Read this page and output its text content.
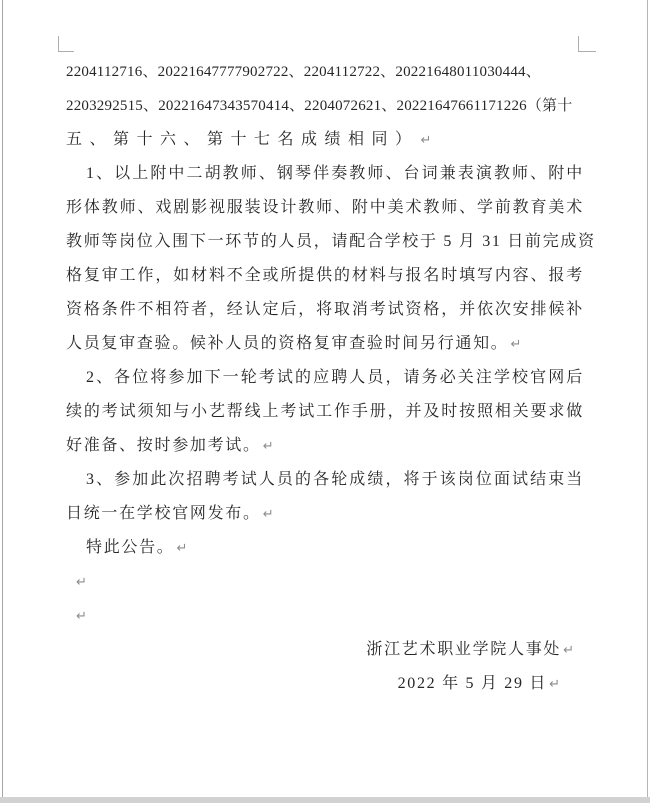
2204112716、20221647777902722、2204112722、20221648011030444、
2203292515、20221647343570414、2204072621、20221647661171226（第十
五、第十六、第十七名成绩相同） ↵
1、以上附中二胡教师、钢琴伴奏教师、台词兼表演教师、附中
形体教师、戏剧影视服装设计教师、附中美术教师、学前教育美术
教师等岗位入围下一环节的人员，请配合学校于 5 月 31 日前完成资
格复审工作，如材料不全或所提供的材料与报名时填写内容、报考
资格条件不相符者，经认定后，将取消考试资格，并依次安排候补
人员复审查验。候补人员的资格复审查验时间另行通知。 ↵
2、各位将参加下一轮考试的应聘人员，请务必关注学校官网后
续的考试须知与小艺帮线上考试工作手册，并及时按照相关要求做
好准备、按时参加考试。 ↵
3、参加此次招聘考试人员的各轮成绩，将于该岗位面试结束当
日统一在学校官网发布。 ↵
特此公告。 ↵
↵
↵
浙江艺术职业学院人事处 ↵
2022 年 5 月 29 日 ↵
